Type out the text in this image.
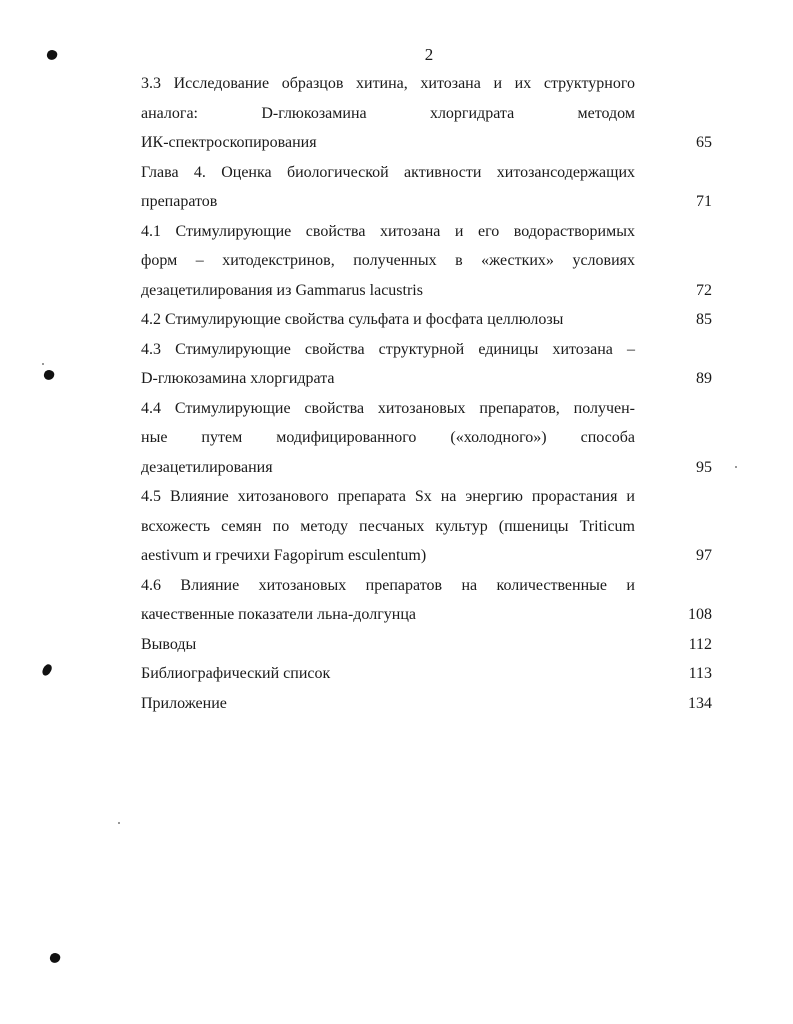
2
3.3 Исследование образцов хитина, хитозана и их структурного
аналога: D-глюкозамина хлоргидрата методом
ИК-спектроскопирования	65
Глава 4. Оценка биологической активности хитозансодержащих
препаратов	71
4.1 Стимулирующие свойства хитозана и его водорастворимых
форм – хитодекстринов, полученных в «жестких» условиях
дезацетилирования из Gammarus lacustris	72
4.2 Стимулирующие свойства сульфата и фосфата целлюлозы	85
4.3 Стимулирующие свойства структурной единицы хитозана –
D-глюкозамина хлоргидрата	89
4.4 Стимулирующие свойства хитозановых препаратов, получен-
ные путем модифицированного («холодного») способа
дезацетилирования	95
4.5 Влияние хитозанового препарата Sx на энергию прорастания и
всхожесть семян по методу песчаных культур (пшеницы Triticum
aestivum и гречихи Fagopirum esculentum)	97
4.6 Влияние хитозановых препаратов на количественные и
качественные показатели льна-долгунца	108
Выводы	112
Библиографический список	113
Приложение	134
